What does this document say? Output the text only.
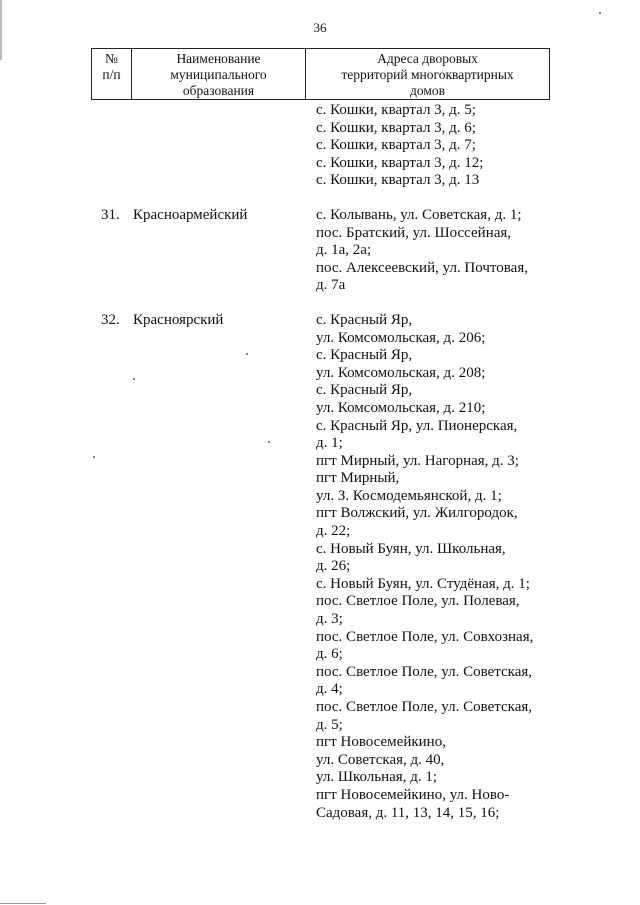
36
№
п/п
Наименование
муниципального
образования
Адреса дворовых
территорий многоквартирных
домов
с. Кошки, квартал 3, д. 5;
с. Кошки, квартал 3, д. 6;
с. Кошки, квартал 3, д. 7;
с. Кошки, квартал 3, д. 12;
с. Кошки, квартал 3, д. 13
31. Красноармейский	с. Колывань, ул. Советская, д. 1;
пос. Братский, ул. Шоссейная,
д. 1а, 2а;
пос. Алексеевский, ул. Почтовая,
д. 7а
32. Красноярский	с. Красный Яр,
ул. Комсомольская, д. 206;
с. Красный Яр,
ул. Комсомольская, д. 208;
с. Красный Яр,
ул. Комсомольская, д. 210;
с. Красный Яр, ул. Пионерская,
д. 1;
пгт Мирный, ул. Нагорная, д. 3;
пгт Мирный,
ул. З. Космодемьянской, д. 1;
пгт Волжский, ул. Жилгородок,
д. 22;
с. Новый Буян, ул. Школьная,
д. 26;
с. Новый Буян, ул. Студёная, д. 1;
пос. Светлое Поле, ул. Полевая,
д. 3;
пос. Светлое Поле, ул. Совхозная,
д. 6;
пос. Светлое Поле, ул. Советская,
д. 4;
пос. Светлое Поле, ул. Советская,
д. 5;
пгт Новосемейкино,
ул. Советская, д. 40,
ул. Школьная, д. 1;
пгт Новосемейкино, ул. Ново-
Садовая, д. 11, 13, 14, 15, 16;
